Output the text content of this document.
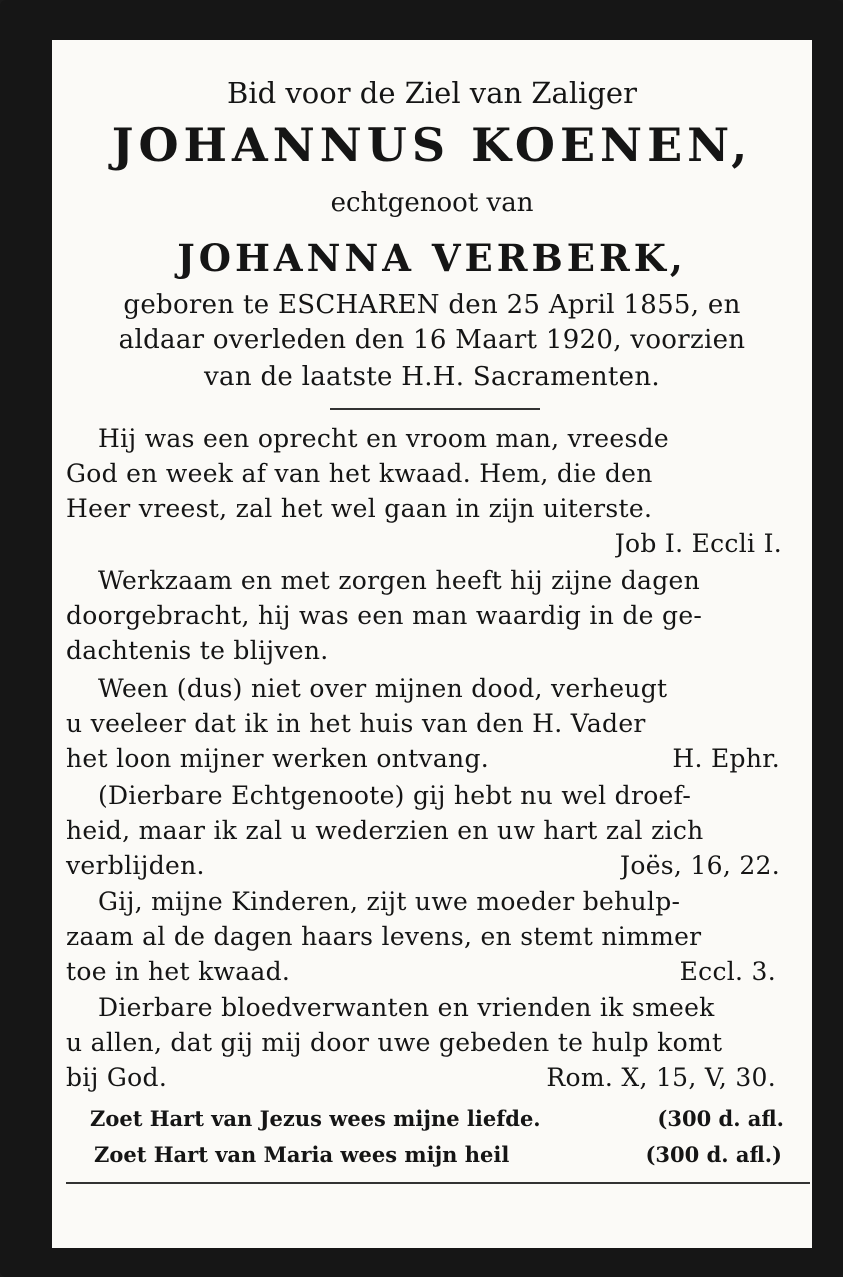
Bid voor de Ziel van Zaliger
JOHANNUS KOENEN,
echtgenoot van
JOHANNA VERBERK,
geboren te ESCHAREN den 25 April 1855, en
aldaar overleden den 16 Maart 1920, voorzien
van de laatste H.H. Sacramenten.
Hij was een oprecht en vroom man, vreesde
God en week af van het kwaad. Hem, die den
Heer vreest, zal het wel gaan in zijn uiterste.
Job I. Eccli I.
Werkzaam en met zorgen heeft hij zijne dagen
doorgebracht, hij was een man waardig in de ge-
dachtenis te blijven.
Ween (dus) niet over mijnen dood, verheugt
u veeleer dat ik in het huis van den H. Vader
het loon mijner werken ontvang.	H. Ephr.
(Dierbare Echtgenoote) gij hebt nu wel droef-
heid, maar ik zal u wederzien en uw hart zal zich
verblijden.	Joës, 16, 22.
Gij, mijne Kinderen, zijt uwe moeder behulp-
zaam al de dagen haars levens, en stemt nimmer
toe in het kwaad.	Eccl. 3.
Dierbare bloedverwanten en vrienden ik smeek
u allen, dat gij mij door uwe gebeden te hulp komt
bij God.	Rom. X, 15, V, 30.
Zoet Hart van Jezus wees mijne liefde.	(300 d. afl.
Zoet Hart van Maria wees mijn heil	(300 d. afl.)
